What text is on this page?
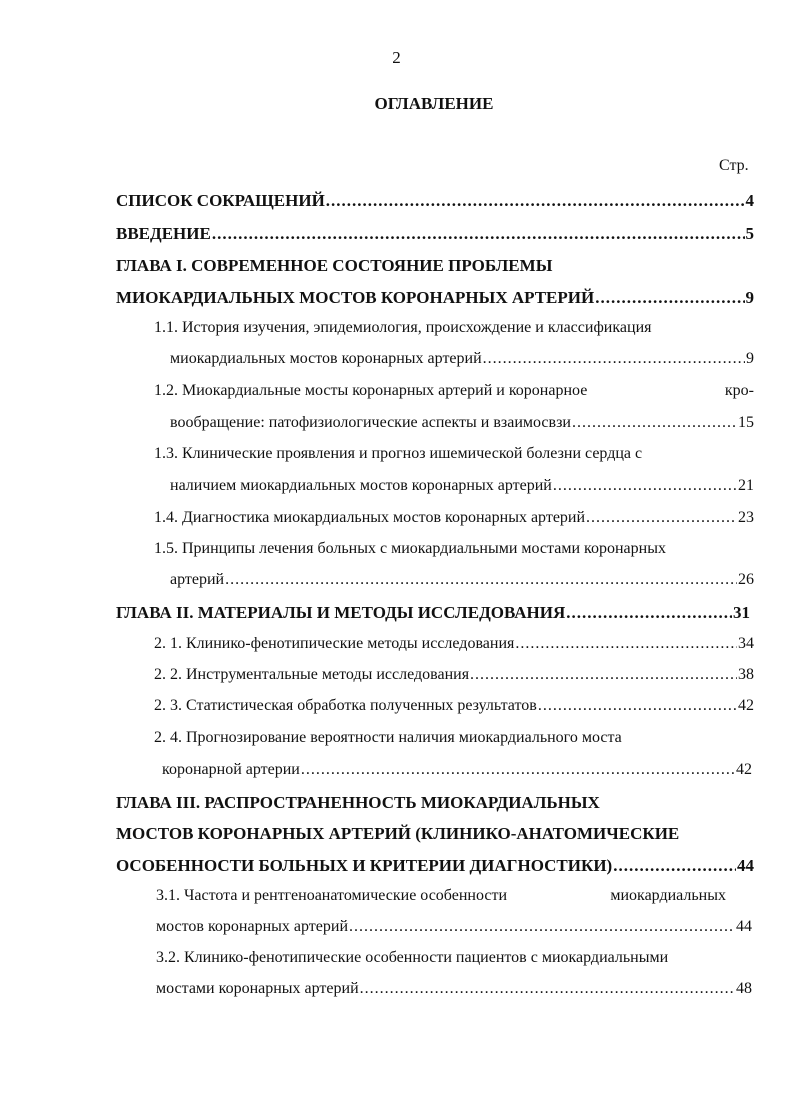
2
ОГЛАВЛЕНИЕ
Стр.
СПИСОК СОКРАЩЕНИЙ .....	4
ВВЕДЕНИЕ .....	5
ГЛАВА I. СОВРЕМЕННОЕ СОСТОЯНИЕ ПРОБЛЕМЫ
МИОКАРДИАЛЬНЫХ МОСТОВ КОРОНАРНЫХ АРТЕРИЙ .....	9
1.1. История изучения, эпидемиология, происхождение и классификация
миокардиальных мостов коронарных артерий .....	9
1.2. Миокардиальные мосты коронарных артерий и коронарное	кро-
вообращение: патофизиологические аспекты и взаимосвзи .....	15
1.3. Клинические проявления и прогноз ишемической болезни сердца с
наличием миокардиальных мостов коронарных артерий .....	21
1.4. Диагностика миокардиальных мостов коронарных артерий .....	23
1.5. Принципы лечения больных с миокардиальными мостами коронарных
артерий .....	26
ГЛАВА II. МАТЕРИАЛЫ И МЕТОДЫ ИССЛЕДОВАНИЯ .....	31
2. 1. Клинико-фенотипические методы исследования .....	34
2. 2. Инструментальные методы исследования .....	38
2. 3. Статистическая обработка полученных результатов .....	42
2. 4. Прогнозирование вероятности наличия миокардиального моста
коронарной артерии .....	42
ГЛАВА III. РАСПРОСТРАНЕННОСТЬ МИОКАРДИАЛЬНЫХ
МОСТОВ КОРОНАРНЫХ АРТЕРИЙ (КЛИНИКО-АНАТОМИЧЕСКИЕ
ОСОБЕННОСТИ БОЛЬНЫХ И КРИТЕРИИ ДИАГНОСТИКИ) .....	44
3.1. Частота и рентгеноанатомические особенности	миокардиальных
мостов коронарных артерий .....	44
3.2. Клинико-фенотипические особенности пациентов с миокардиальными
мостами коронарных артерий .....	48
